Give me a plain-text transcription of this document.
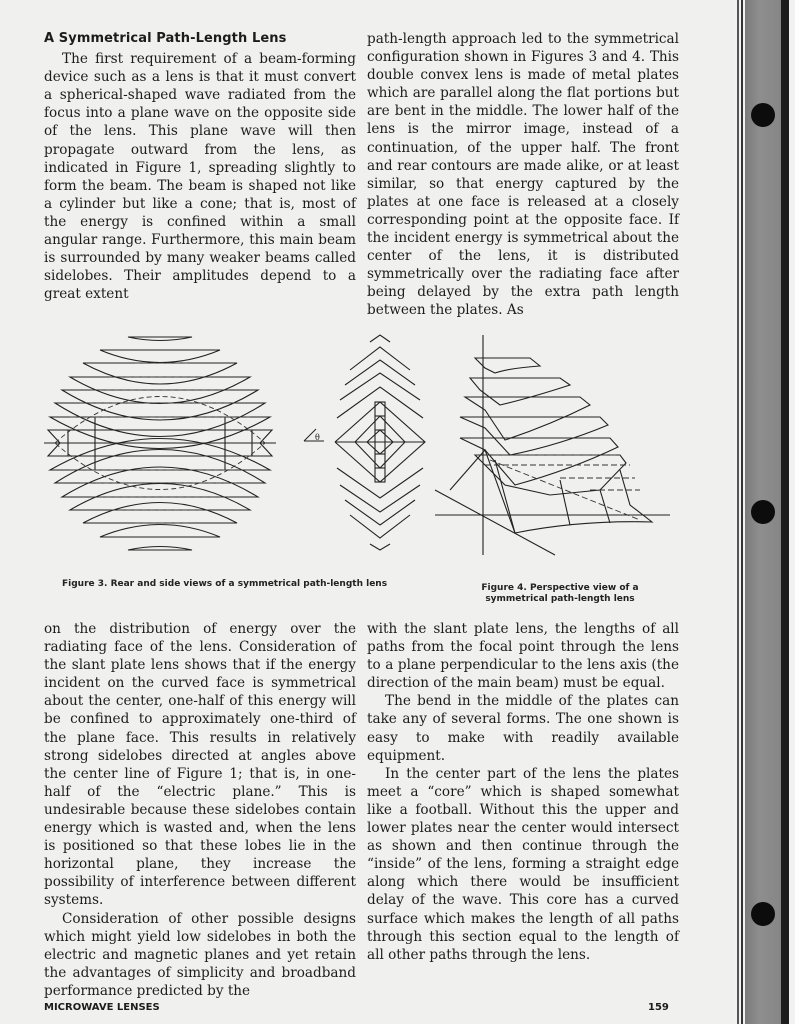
A Symmetrical Path-Length Lens

The first requirement of a beam-forming device such as a lens is that it must convert a spherical-shaped wave radiated from the focus into a plane wave on the opposite side of the lens. This plane wave will then propagate outward from the lens, as indicated in Figure 1, spreading slightly to form the beam. The beam is shaped not like a cylinder but like a cone; that is, most of the energy is confined within a small angular range. Furthermore, this main beam is surrounded by many weaker beams called sidelobes. Their amplitudes depend to a great extent

path-length approach led to the symmetrical configuration shown in Figures 3 and 4. This double convex lens is made of metal plates which are parallel along the flat portions but are bent in the middle. The lower half of the lens is the mirror image, instead of a continuation, of the upper half. The front and rear contours are made alike, or at least similar, so that energy captured by the plates at one face is released at a closely corresponding point at the opposite face. If the incident energy is symmetrical about the center of the lens, it is distributed symmetrically over the radiating face after being delayed by the extra path length between the plates. As

θ
Figure 3. Rear and side views of a symmetrical path-length lens	Figure 4. Perspective view of a symmetrical path-length lens

on the distribution of energy over the radiating face of the lens. Consideration of the slant plate lens shows that if the energy incident on the curved face is symmetrical about the center, one-half of this energy will be confined to approximately one-third of the plane face. This results in relatively strong sidelobes directed at angles above the center line of Figure 1; that is, in one-half of the “electric plane.” This is undesirable because these sidelobes contain energy which is wasted and, when the lens is positioned so that these lobes lie in the horizontal plane, they increase the possibility of interference between different systems.

Consideration of other possible designs which might yield low sidelobes in both the electric and magnetic planes and yet retain the advantages of simplicity and broadband performance predicted by the

with the slant plate lens, the lengths of all paths from the focal point through the lens to a plane perpendicular to the lens axis (the direction of the main beam) must be equal.

The bend in the middle of the plates can take any of several forms. The one shown is easy to make with readily available equipment.

In the center part of the lens the plates meet a “core” which is shaped somewhat like a football. Without this the upper and lower plates near the center would intersect as shown and then continue through the “inside” of the lens, forming a straight edge along which there would be insufficient delay of the wave. This core has a curved surface which makes the length of all paths through this section equal to the length of all other paths through the lens.

MICROWAVE LENSES	159
